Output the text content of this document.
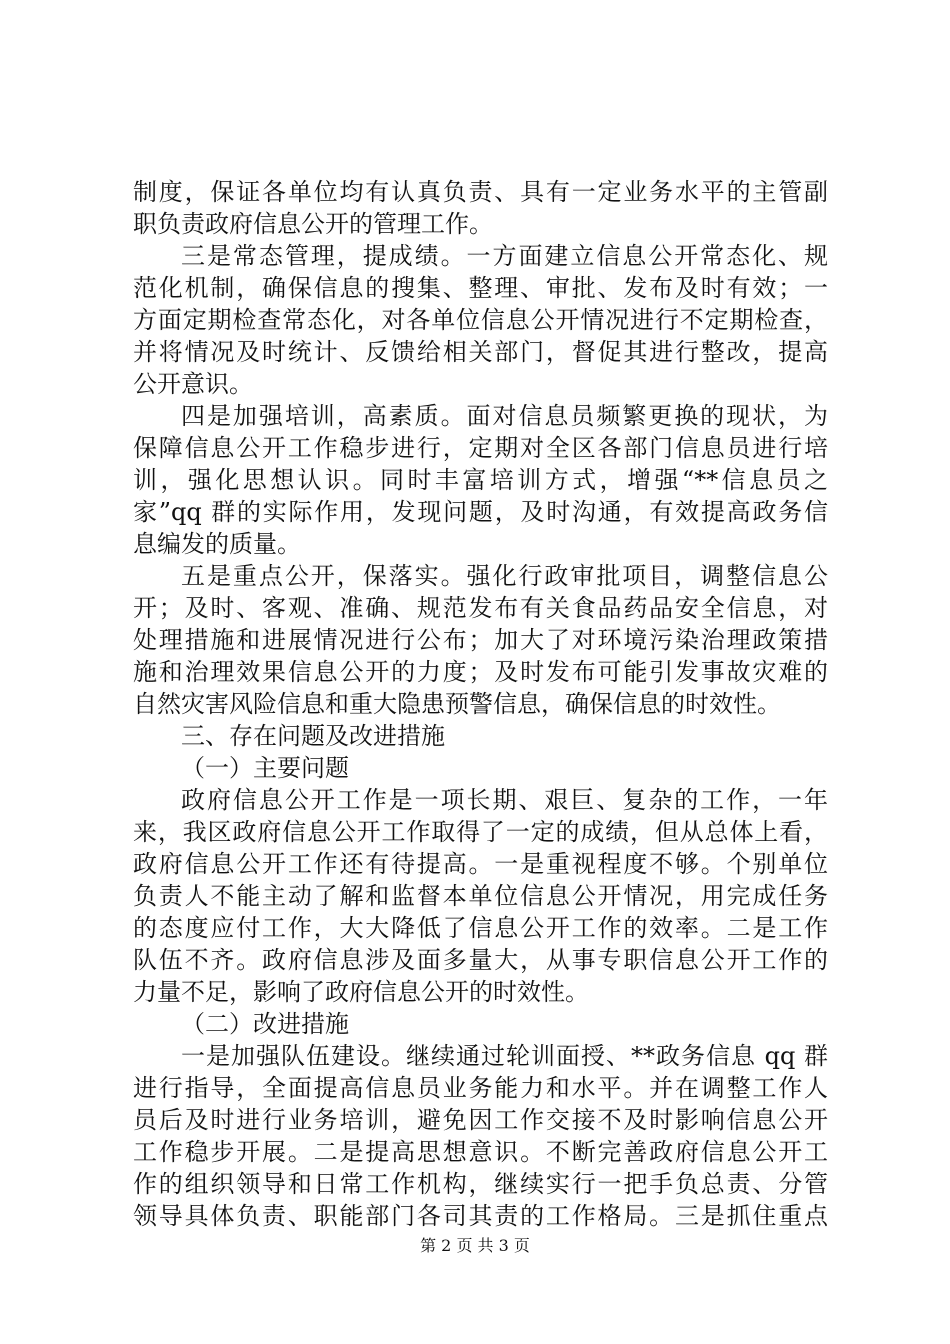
制度，保证各单位均有认真负责、具有一定业务水平的主管副
职负责政府信息公开的管理工作。
三是常态管理，提成绩。一方面建立信息公开常态化、规
范化机制，确保信息的搜集、整理、审批、发布及时有效；一
方面定期检查常态化，对各单位信息公开情况进行不定期检查，
并将情况及时统计、反馈给相关部门，督促其进行整改，提高
公开意识。
四是加强培训，高素质。面对信息员频繁更换的现状，为
保障信息公开工作稳步进行，定期对全区各部门信息员进行培
训，强化思想认识。同时丰富培训方式，增强“**信息员之
家”qq 群的实际作用，发现问题，及时沟通，有效提高政务信
息编发的质量。
五是重点公开，保落实。强化行政审批项目，调整信息公
开；及时、客观、准确、规范发布有关食品药品安全信息，对
处理措施和进展情况进行公布；加大了对环境污染治理政策措
施和治理效果信息公开的力度；及时发布可能引发事故灾难的
自然灾害风险信息和重大隐患预警信息，确保信息的时效性。
三、存在问题及改进措施
（一）主要问题
政府信息公开工作是一项长期、艰巨、复杂的工作，一年
来，我区政府信息公开工作取得了一定的成绩，但从总体上看，
政府信息公开工作还有待提高。一是重视程度不够。个别单位
负责人不能主动了解和监督本单位信息公开情况，用完成任务
的态度应付工作，大大降低了信息公开工作的效率。二是工作
队伍不齐。政府信息涉及面多量大，从事专职信息公开工作的
力量不足，影响了政府信息公开的时效性。
（二）改进措施
一是加强队伍建设。继续通过轮训面授、**政务信息 qq 群
进行指导，全面提高信息员业务能力和水平。并在调整工作人
员后及时进行业务培训，避免因工作交接不及时影响信息公开
工作稳步开展。二是提高思想意识。不断完善政府信息公开工
作的组织领导和日常工作机构，继续实行一把手负总责、分管
领导具体负责、职能部门各司其责的工作格局。三是抓住重点
第 2 页 共 3 页
